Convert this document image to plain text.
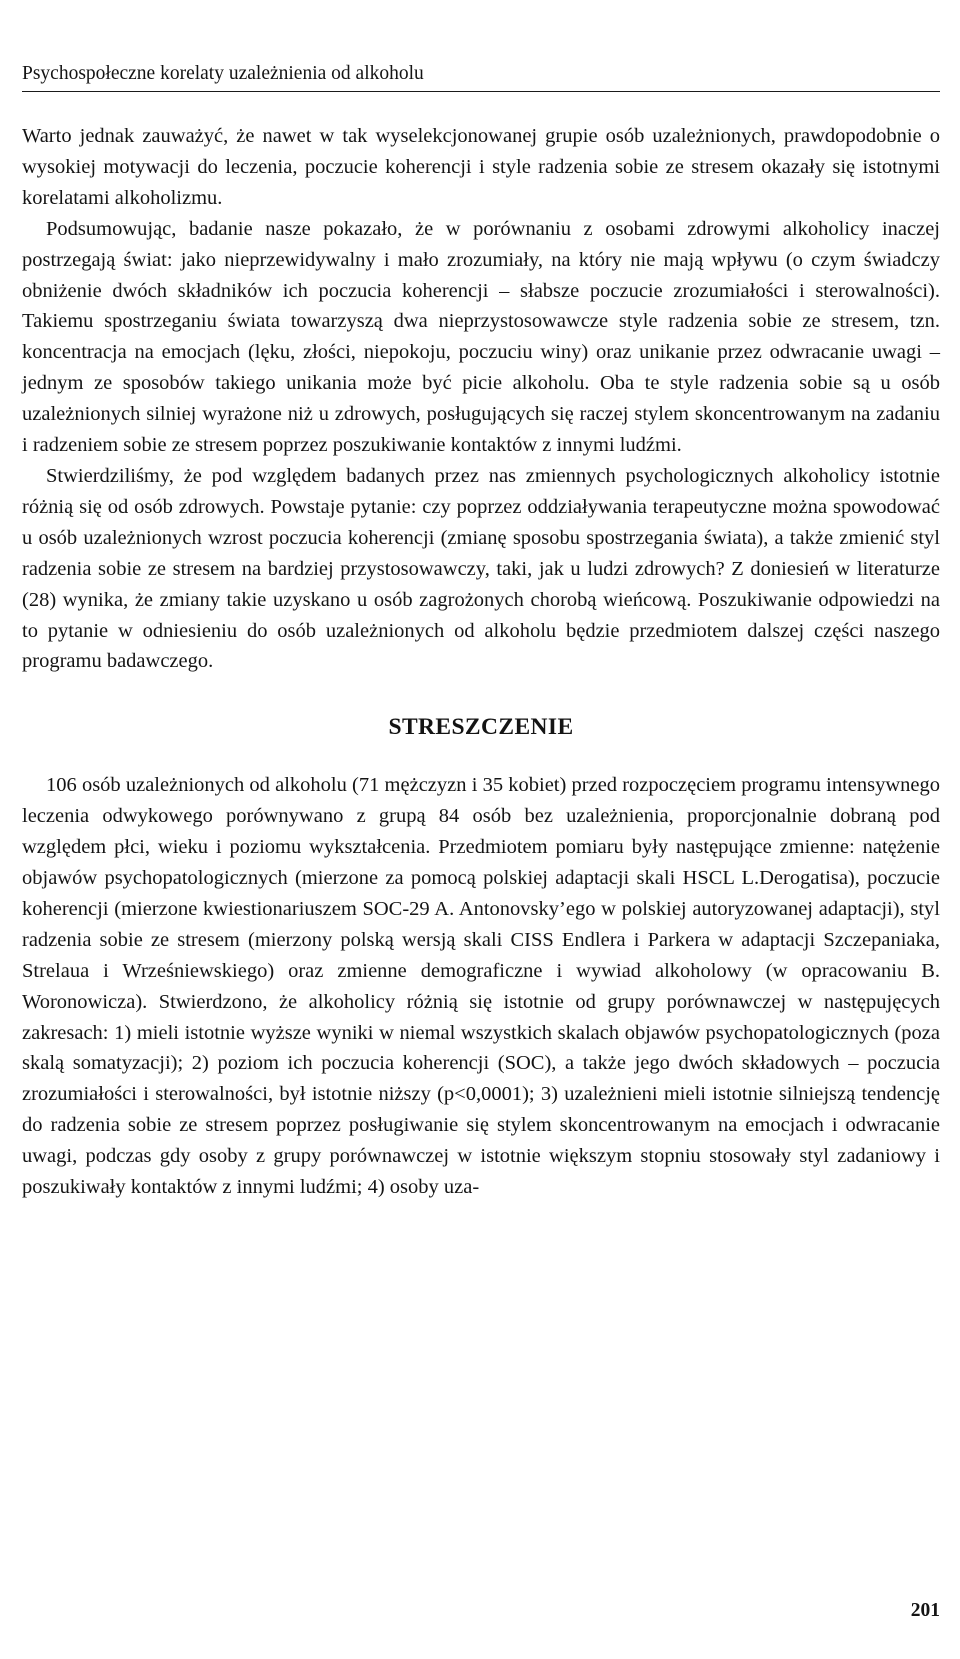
Psychospołeczne korelaty uzależnienia od alkoholu

Warto jednak zauważyć, że nawet w tak wyselekcjonowanej grupie osób uzależnionych, prawdopodobnie o wysokiej motywacji do leczenia, poczucie koherencji i style radzenia sobie ze stresem okazały się istotnymi korelatami alkoholizmu.

Podsumowując, badanie nasze pokazało, że w porównaniu z osobami zdrowymi alkoholicy inaczej postrzegają świat: jako nieprzewidywalny i mało zrozumiały, na który nie mają wpływu (o czym świadczy obniżenie dwóch składników ich poczucia koherencji – słabsze poczucie zrozumiałości i sterowalności). Takiemu spostrzeganiu świata towarzyszą dwa nieprzystosowawcze style radzenia sobie ze stresem, tzn. koncentracja na emocjach (lęku, złości, niepokoju, poczuciu winy) oraz unikanie przez odwracanie uwagi – jednym ze sposobów takiego unikania może być picie alkoholu. Oba te style radzenia sobie są u osób uzależnionych silniej wyrażone niż u zdrowych, posługujących się raczej stylem skoncentrowanym na zadaniu i radzeniem sobie ze stresem poprzez poszukiwanie kontaktów z innymi ludźmi.

Stwierdziliśmy, że pod względem badanych przez nas zmiennych psychologicznych alkoholicy istotnie różnią się od osób zdrowych. Powstaje pytanie: czy poprzez oddziaływania terapeutyczne można spowodować u osób uzależnionych wzrost poczucia koherencji (zmianę sposobu spostrzegania świata), a także zmienić styl radzenia sobie ze stresem na bardziej przystosowawczy, taki, jak u ludzi zdrowych? Z doniesień w literaturze (28) wynika, że zmiany takie uzyskano u osób zagrożonych chorobą wieńcową. Poszukiwanie odpowiedzi na to pytanie w odniesieniu do osób uzależnionych od alkoholu będzie przedmiotem dalszej części naszego programu badawczego.

STRESZCZENIE

106 osób uzależnionych od alkoholu (71 mężczyzn i 35 kobiet) przed rozpoczęciem programu intensywnego leczenia odwykowego porównywano z grupą 84 osób bez uzależnienia, proporcjonalnie dobraną pod względem płci, wieku i poziomu wykształcenia. Przedmiotem pomiaru były następujące zmienne: natężenie objawów psychopatologicznych (mierzone za pomocą polskiej adaptacji skali HSCL L.Derogatisa), poczucie koherencji (mierzone kwiestionariuszem SOC-29 A. Antonovsky’ego w polskiej autoryzowanej adaptacji), styl radzenia sobie ze stresem (mierzony polską wersją skali CISS Endlera i Parkera w adaptacji Szczepaniaka, Strelaua i Wrześniewskiego) oraz zmienne demograficzne i wywiad alkoholowy (w opracowaniu B. Woronowicza). Stwierdzono, że alkoholicy różnią się istotnie od grupy porównawczej w następujęcych zakresach: 1) mieli istotnie wyższe wyniki w niemal wszystkich skalach objawów psychopatologicznych (poza skalą somatyzacji); 2) poziom ich poczucia koherencji (SOC), a także jego dwóch składowych – poczucia zrozumiałości i sterowalności, był istotnie niższy (p<0,0001); 3) uzależnieni mieli istotnie silniejszą tendencję do radzenia sobie ze stresem poprzez posługiwanie się stylem skoncentrowanym na emocjach i odwracanie uwagi, podczas gdy osoby z grupy porównawczej w istotnie większym stopniu stosowały styl zadaniowy i poszukiwały kontaktów z innymi ludźmi; 4) osoby uza-

201
